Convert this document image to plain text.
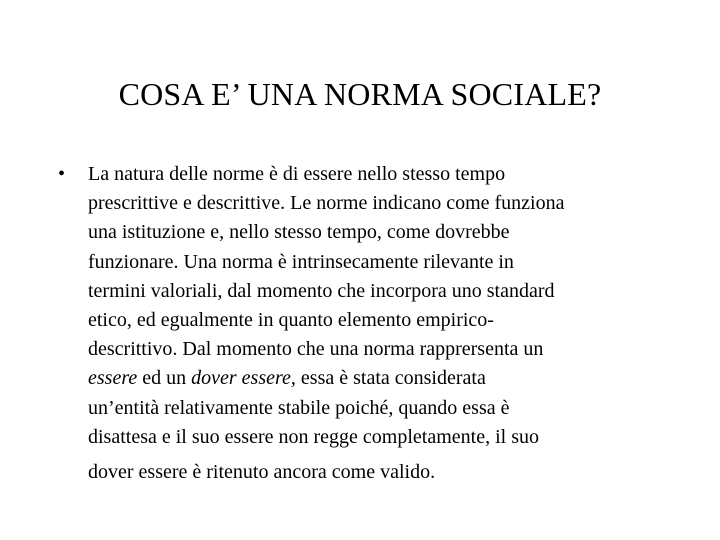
COSA E’ UNA NORMA SOCIALE?
• La natura delle norme è di essere nello stesso tempo
prescrittive e descrittive. Le norme indicano come funziona
una istituzione e, nello stesso tempo, come dovrebbe
funzionare. Una norma è intrinsecamente rilevante in
termini valoriali, dal momento che incorpora uno standard
etico, ed egualmente in quanto elemento empirico-
descrittivo. Dal momento che una norma rapprersenta un
essere ed un dover essere, essa è stata considerata
un’entità relativamente stabile poiché, quando essa è
disattesa e il suo essere non regge completamente, il suo
dover essere è ritenuto ancora come valido.
